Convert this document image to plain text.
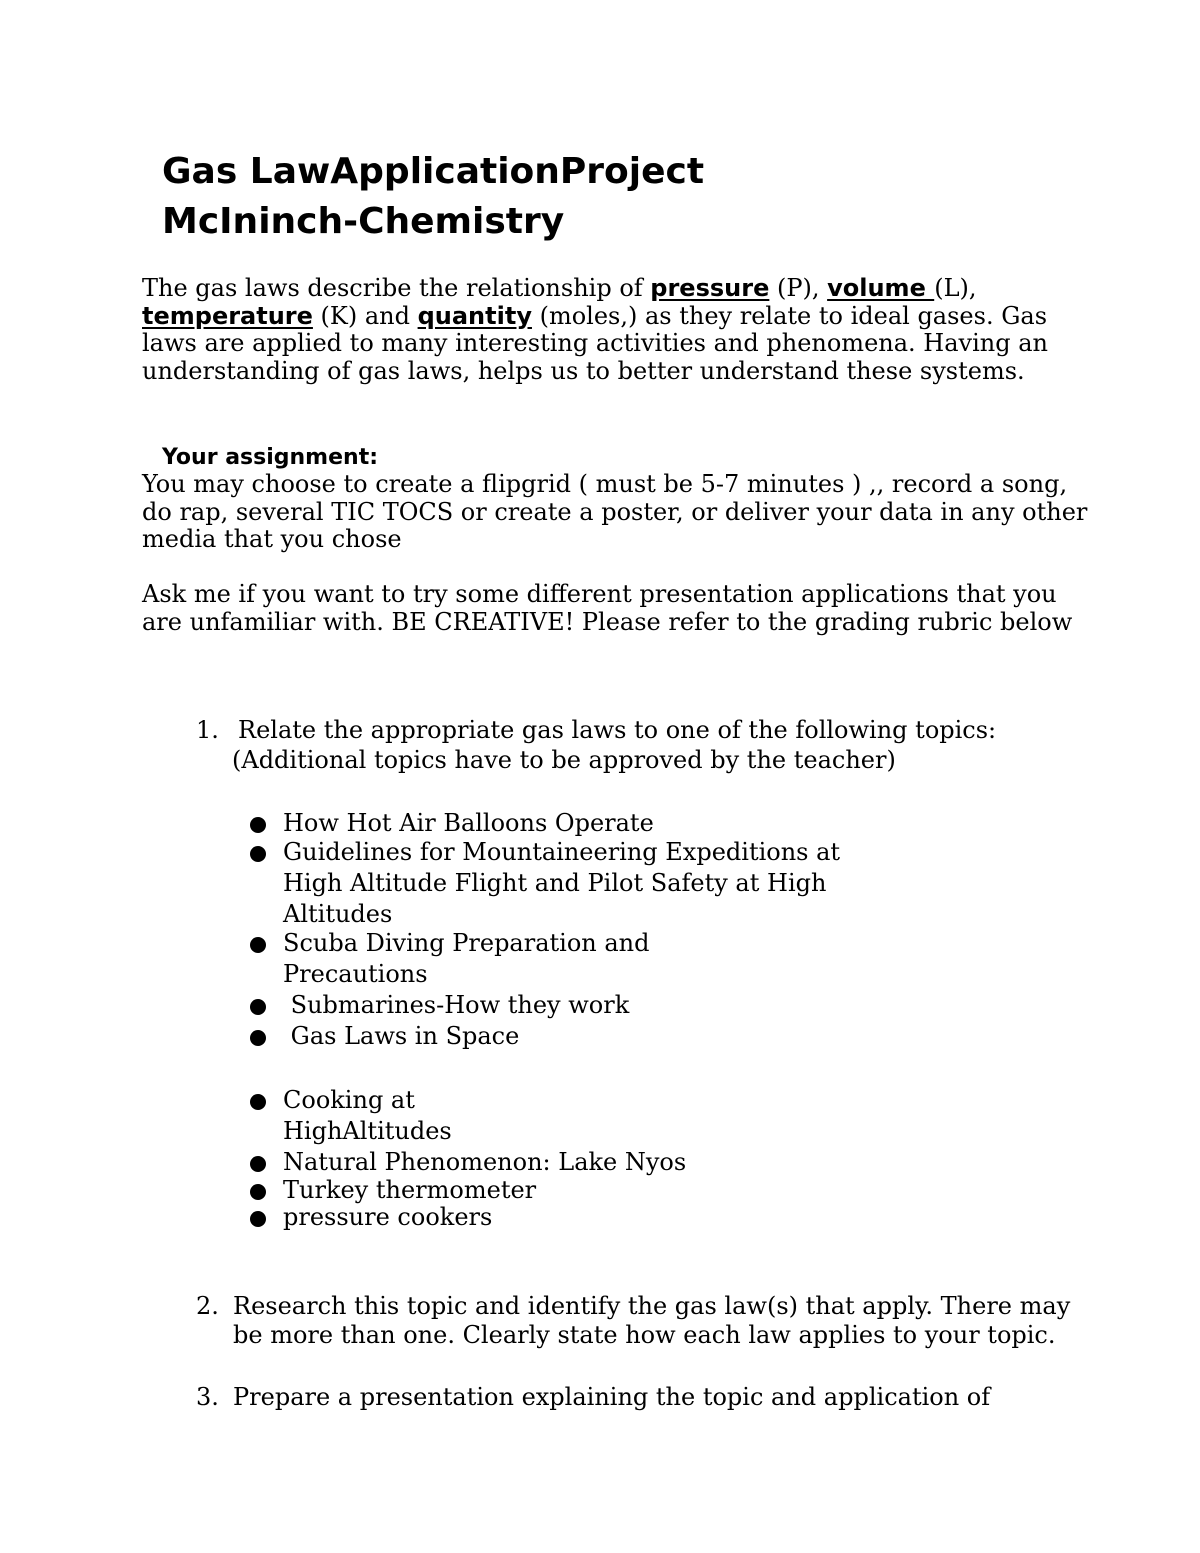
Gas LawApplicationProject
McIninch-Chemistry

The gas laws describe the relationship of pressure (P), volume (L), temperature (K) and quantity (moles,) as they relate to ideal gases. Gas laws are applied to many interesting activities and phenomena. Having an understanding of gas laws, helps us to better understand these systems.

Your assignment:

You may choose to create a flipgrid ( must be 5-7 minutes ) ,, record a song, do rap, several TIC TOCS or create a poster, or deliver your data in any other media that you chose

Ask me if you want to try some different presentation applications that you are unfamiliar with. BE CREATIVE! Please refer to the grading rubric below

1. Relate the appropriate gas laws to one of the following topics:
(Additional topics have to be approved by the teacher)
How Hot Air Balloons Operate
Guidelines for Mountaineering Expeditions at
High Altitude Flight and Pilot Safety at High
Altitudes
Scuba Diving Preparation and
Precautions
Submarines-How they work
Gas Laws in Space
Cooking at
HighAltitudes
Natural Phenomenon: Lake Nyos
Turkey thermometer
pressure cookers
2. Research this topic and identify the gas law(s) that apply. There may be more than one. Clearly state how each law applies to your topic.
3. Prepare a presentation explaining the topic and application of
